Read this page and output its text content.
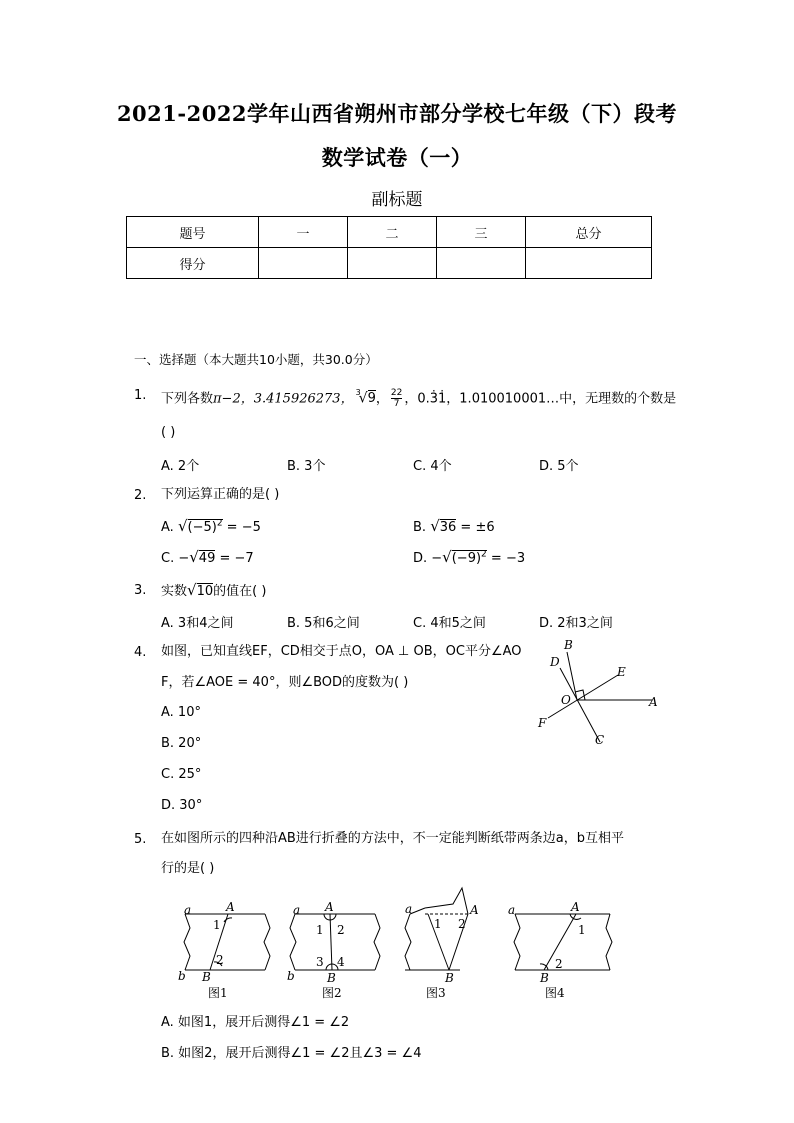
2021-2022学年山西省朔州市部分学校七年级（下）段考
数学试卷（一）
副标题
题号	一	二	三	总分
得分				
一、选择题（本大题共10小题，共30.0分）
1. 下列各数π−2，3.415926273， $^3$√9， $\frac{22}{7}$ ，0.3̇1̇，1.010010001…中，无理数的个数是
( )
A. 2个	B. 3个	C. 4个	D. 5个
2. 下列运算正确的是( )
A. $√(-5)^2 = -5$	B. √36 = ±6
C. −√49 = −7	D. $-√(-9)^2 = -3$
3. 实数√10的值在( )
A. 3和4之间	B. 5和6之间	C. 4和5之间	D. 2和3之间
4. 如图，已知直线EF，CD相交于点O，OA ⊥ OB，OC平分∠AO
F，若∠AOE = 40°，则∠BOD的度数为( )
A. 10°
B. 20°
C. 25°
D. 30°
B
D
E
O	A
F
C
5. 在如图所示的四种沿AB进行折叠的方法中，不一定能判断纸带两条边a，b互相平
行的是( )
a	A
1
2
b B
图1
a A
1 2
3 4
b	B
图2
a	A
1 2
B
图3
a	A
1
2
B
图4
A. 如图1，展开后测得∠1 = ∠2
B. 如图2，展开后测得∠1 = ∠2且∠3 = ∠4
